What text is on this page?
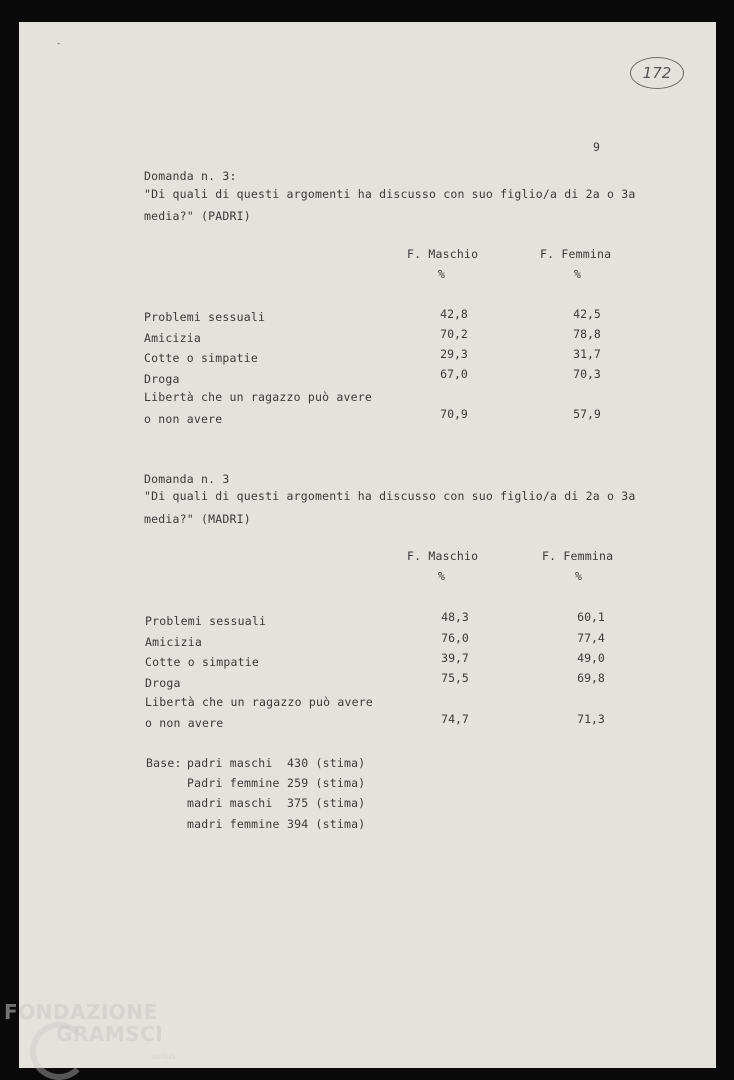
-
172
9
Domanda n. 3:
"Di quali di questi argomenti ha discusso con suo figlio/a di 2a o 3a
media?" (PADRI)
F. Maschio	F. Femmina
%	%
Problemi sessuali	42,8	42,5
Amicizia	70,2	78,8
Cotte o simpatie	29,3	31,7
Droga	67,0	70,3
Libertà che un ragazzo può avere
o non avere	70,9	57,9
Domanda n. 3
"Di quali di questi argomenti ha discusso con suo figlio/a di 2a o 3a
media?" (MADRI)
F. Maschio	F. Femmina
%	%
Problemi sessuali	48,3	60,1
Amicizia	76,0	77,4
Cotte o simpatie	39,7	49,0
Droga	75,5	69,8
Libertà che un ragazzo può avere
o non avere	74,7	71,3
Base: padri maschi 430 (stima)
Padri femmine 259 (stima)
madri maschi 375 (stima)
madri femmine 394 (stima)
FONDAZIONE
GRAMSCI
onlus
